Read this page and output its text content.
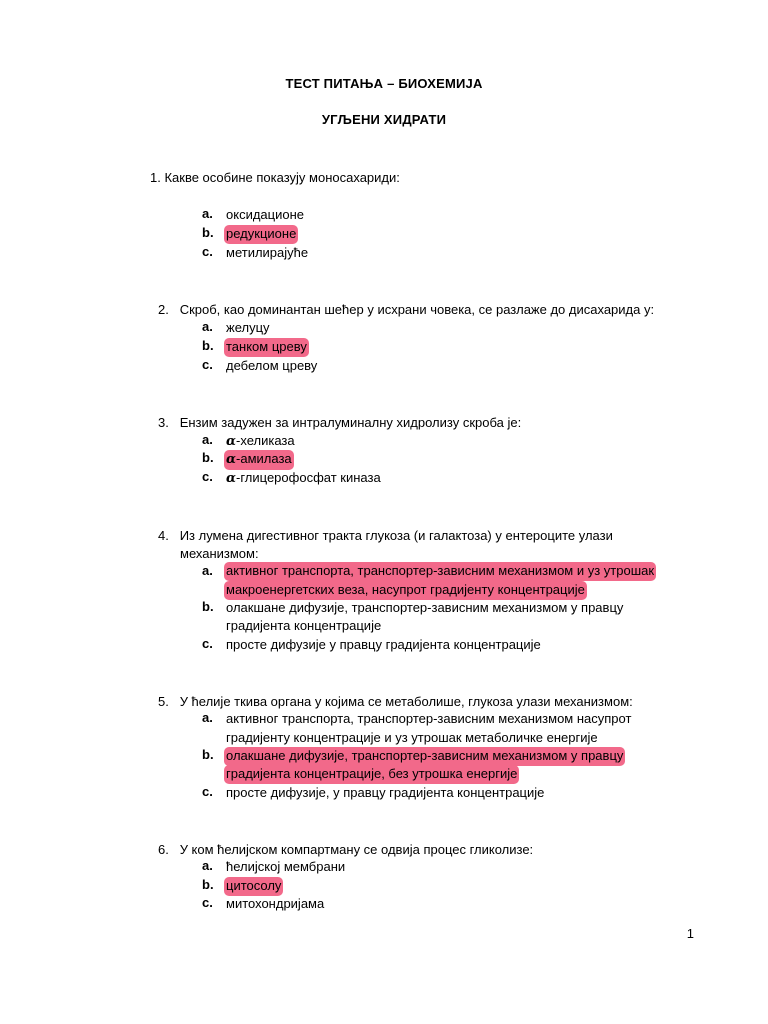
ТЕСТ ПИТАЊА – БИОХЕМИЈА
УГЉЕНИ ХИДРАТИ
1. Какве особине показују моносахариди:
a. оксидационе
b. редукционе
c. метилирајуће
2. Скроб, као доминантан шећер у исхрани човека, се разлаже до дисахарида у:
a. желуцу
b. танком цреву
c. дебелом цреву
3. Ензим задужен за интралуминалну хидролизу скроба је:
a. α-хеликаза
b. α-амилаза
c. α-глицерофосфат киназа
4. Из лумена дигестивног тракта глукоза (и галактоза) у ентероците улази
механизмом:
a. активног транспорта, транспортер-зависним механизмом и уз утрошак
макроенергетских веза, насупрот градијенту концентрације
b. олакшане дифузије, транспортер-зависним механизмом у правцу
градијента концентрације
c. просте дифузије у правцу градијента концентрације
5. У ћелије ткива органа у којима се метаболише, глукоза улази механизмом:
a. активног транспорта, транспортер-зависним механизмом насупрот
градијенту концентрације и уз утрошак метаболичке енергије
b. олакшане дифузије, транспортер-зависним механизмом у правцу
градијента концентрације, без утрошка енергије
c. просте дифузије, у правцу градијента концентрације
6. У ком ћелијском компартману се одвија процес гликолизе:
a. ћелијској мембрани
b. цитосолу
c. митохондријама
1
